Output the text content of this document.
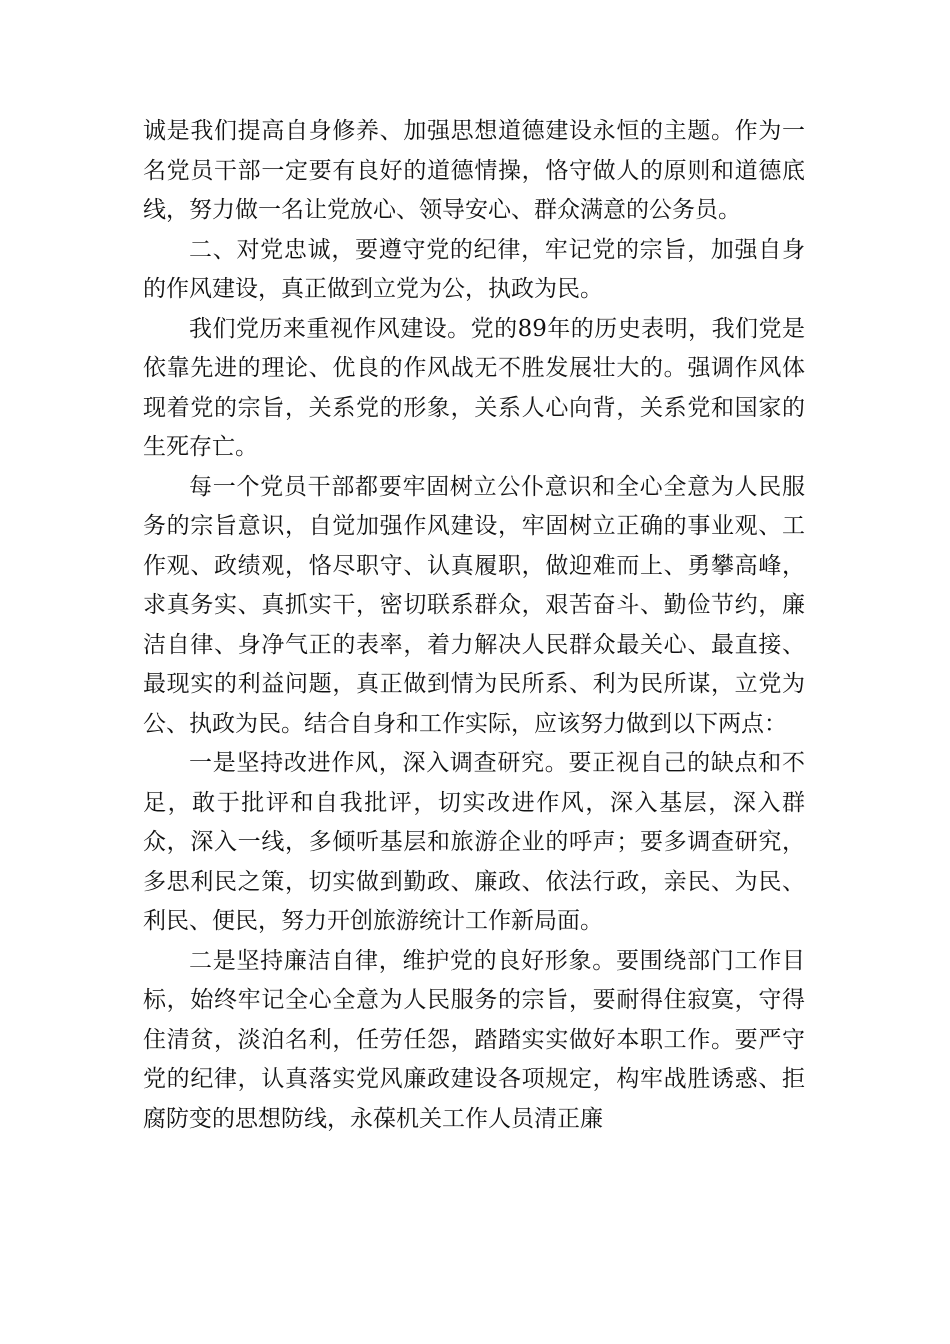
诚是我们提高自身修养、加强思想道德建设永恒的主题。作为一名党员干部一定要有良好的道德情操，恪守做人的原则和道德底线，努力做一名让党放心、领导安心、群众满意的公务员。

二、对党忠诚，要遵守党的纪律，牢记党的宗旨，加强自身的作风建设，真正做到立党为公，执政为民。

我们党历来重视作风建设。党的89年的历史表明，我们党是依靠先进的理论、优良的作风战无不胜发展壮大的。强调作风体现着党的宗旨，关系党的形象，关系人心向背，关系党和国家的生死存亡。

每一个党员干部都要牢固树立公仆意识和全心全意为人民服务的宗旨意识，自觉加强作风建设，牢固树立正确的事业观、工作观、政绩观，恪尽职守、认真履职，做迎难而上、勇攀高峰，求真务实、真抓实干，密切联系群众，艰苦奋斗、勤俭节约，廉洁自律、身净气正的表率，着力解决人民群众最关心、最直接、最现实的利益问题，真正做到情为民所系、利为民所谋，立党为公、执政为民。结合自身和工作实际，应该努力做到以下两点：

一是坚持改进作风，深入调查研究。要正视自己的缺点和不足，敢于批评和自我批评，切实改进作风，深入基层，深入群众，深入一线，多倾听基层和旅游企业的呼声；要多调查研究，多思利民之策，切实做到勤政、廉政、依法行政，亲民、为民、利民、便民，努力开创旅游统计工作新局面。

二是坚持廉洁自律，维护党的良好形象。要围绕部门工作目标，始终牢记全心全意为人民服务的宗旨，要耐得住寂寞，守得住清贫，淡泊名利，任劳任怨，踏踏实实做好本职工作。要严守党的纪律，认真落实党风廉政建设各项规定，构牢战胜诱惑、拒腐防变的思想防线，永葆机关工作人员清正廉
